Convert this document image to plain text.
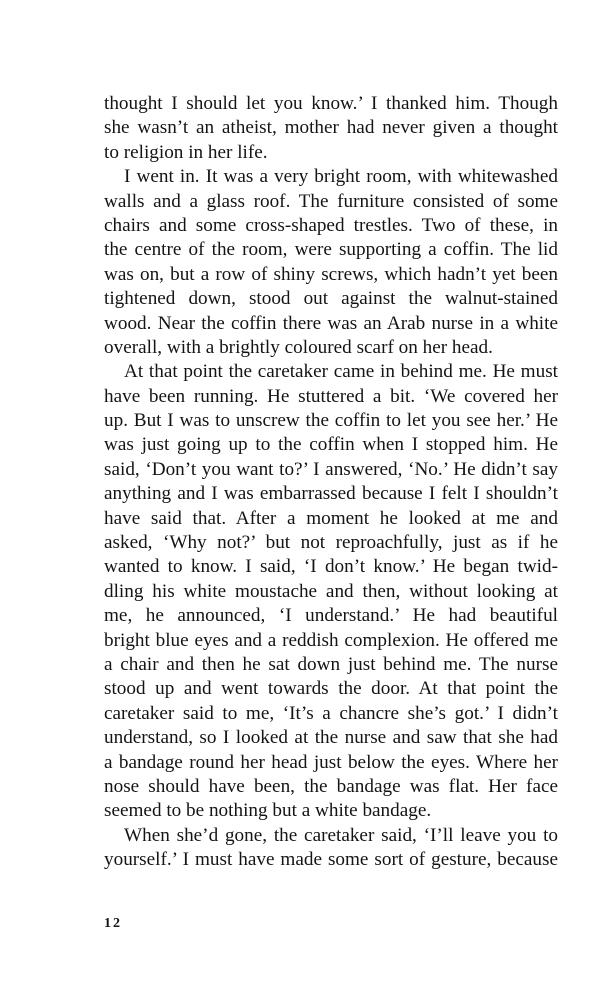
thought I should let you know.’ I thanked him. Though
she wasn’t an atheist, mother had never given a thought
to religion in her life.
I went in. It was a very bright room, with whitewashed
walls and a glass roof. The furniture consisted of some
chairs and some cross-shaped trestles. Two of these, in
the centre of the room, were supporting a coffin. The lid
was on, but a row of shiny screws, which hadn’t yet been
tightened down, stood out against the walnut-stained
wood. Near the coffin there was an Arab nurse in a white
overall, with a brightly coloured scarf on her head.
At that point the caretaker came in behind me. He must
have been running. He stuttered a bit. ‘We covered her
up. But I was to unscrew the coffin to let you see her.’ He
was just going up to the coffin when I stopped him. He
said, ‘Don’t you want to?’ I answered, ‘No.’ He didn’t say
anything and I was embarrassed because I felt I shouldn’t
have said that. After a moment he looked at me and
asked, ‘Why not?’ but not reproachfully, just as if he
wanted to know. I said, ‘I don’t know.’ He began twid-
dling his white moustache and then, without looking at
me, he announced, ‘I understand.’ He had beautiful
bright blue eyes and a reddish complexion. He offered me
a chair and then he sat down just behind me. The nurse
stood up and went towards the door. At that point the
caretaker said to me, ‘It’s a chancre she’s got.’ I didn’t
understand, so I looked at the nurse and saw that she had
a bandage round her head just below the eyes. Where her
nose should have been, the bandage was flat. Her face
seemed to be nothing but a white bandage.
When she’d gone, the caretaker said, ‘I’ll leave you to
yourself.’ I must have made some sort of gesture, because
12
